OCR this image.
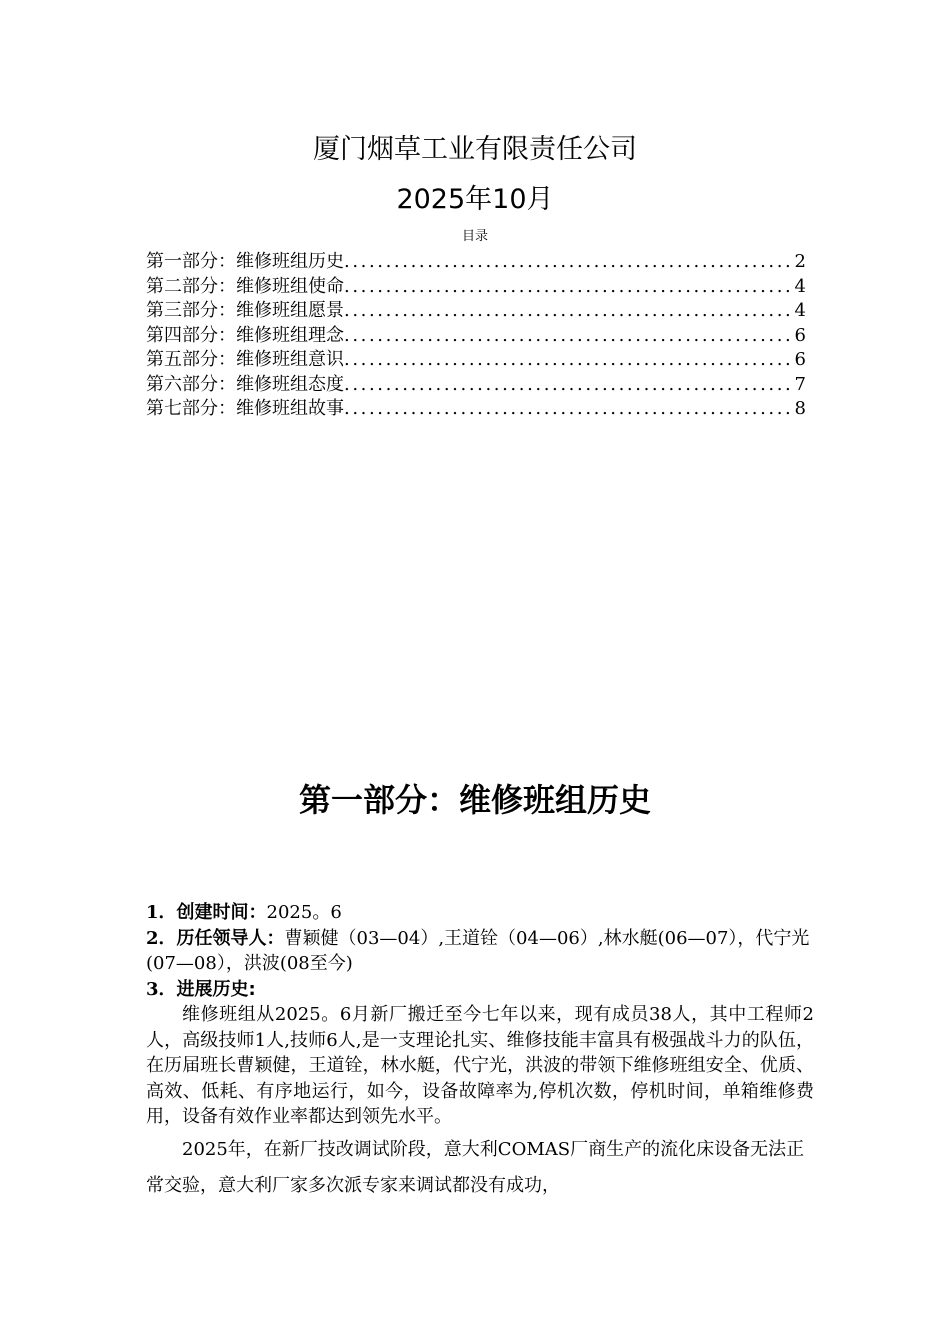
厦门烟草工业有限责任公司
2025年10月
目录
第一部分：维修班组历史 .....	2
第二部分：维修班组使命 .....	4
第三部分：维修班组愿景 .....	4
第四部分：维修班组理念 .....	6
第五部分：维修班组意识 .....	6
第六部分：维修班组态度 .....	7
第七部分：维修班组故事 .....	8
第一部分：维修班组历史
1．创建时间：2025。6
2．历任领导人：曹颖健（03—04）,王道铨（04—06）,林水艇(06—07），代宁光(07—08），洪波(08至今)
3．进展历史:

维修班组从2025。6月新厂搬迁至今七年以来，现有成员38人，其中工程师2人，高级技师1人,技师6人,是一支理论扎实、维修技能丰富具有极强战斗力的队伍，在历届班长曹颖健，王道铨，林水艇，代宁光，洪波的带领下维修班组安全、优质、高效、低耗、有序地运行，如今，设备故障率为,停机次数，停机时间，单箱维修费用，设备有效作业率都达到领先水平。

2025年，在新厂技改调试阶段，意大利COMAS厂商生产的流化床设备无法正常交验，意大利厂家多次派专家来调试都没有成功，
